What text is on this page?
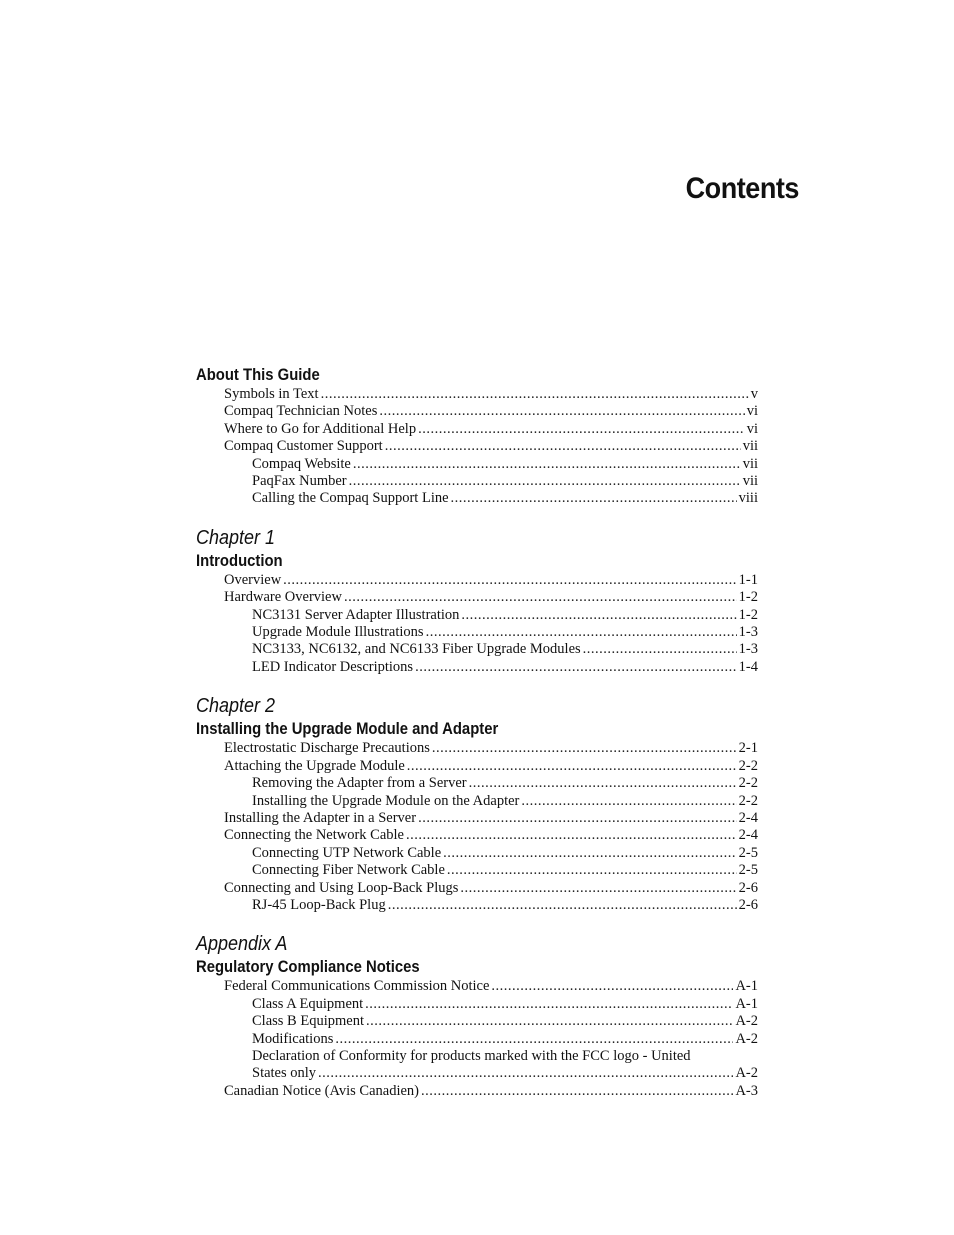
Contents
About This Guide
Symbols in Text .....	v
Compaq Technician Notes .....	vi
Where to Go for Additional Help .....	vi
Compaq Customer Support .....	vii
Compaq Website .....	vii
PaqFax Number .....	vii
Calling the Compaq Support Line .....	viii
Chapter 1
Introduction
Overview .....	1-1
Hardware Overview .....	1-2
NC3131 Server Adapter Illustration .....	1-2
Upgrade Module Illustrations .....	1-3
NC3133, NC6132, and NC6133 Fiber Upgrade Modules .....	1-3
LED Indicator Descriptions .....	1-4
Chapter 2
Installing the Upgrade Module and Adapter
Electrostatic Discharge Precautions .....	2-1
Attaching the Upgrade Module .....	2-2
Removing the Adapter from a Server .....	2-2
Installing the Upgrade Module on the Adapter .....	2-2
Installing the Adapter in a Server .....	2-4
Connecting the Network Cable .....	2-4
Connecting UTP Network Cable .....	2-5
Connecting Fiber Network Cable .....	2-5
Connecting and Using Loop-Back Plugs .....	2-6
RJ-45 Loop-Back Plug .....	2-6
Appendix A
Regulatory Compliance Notices
Federal Communications Commission Notice .....	A-1
Class A Equipment .....	A-1
Class B Equipment .....	A-2
Modifications .....	A-2
Declaration of Conformity for products marked with the FCC logo - United
States only .....	A-2
Canadian Notice (Avis Canadien) .....	A-3
